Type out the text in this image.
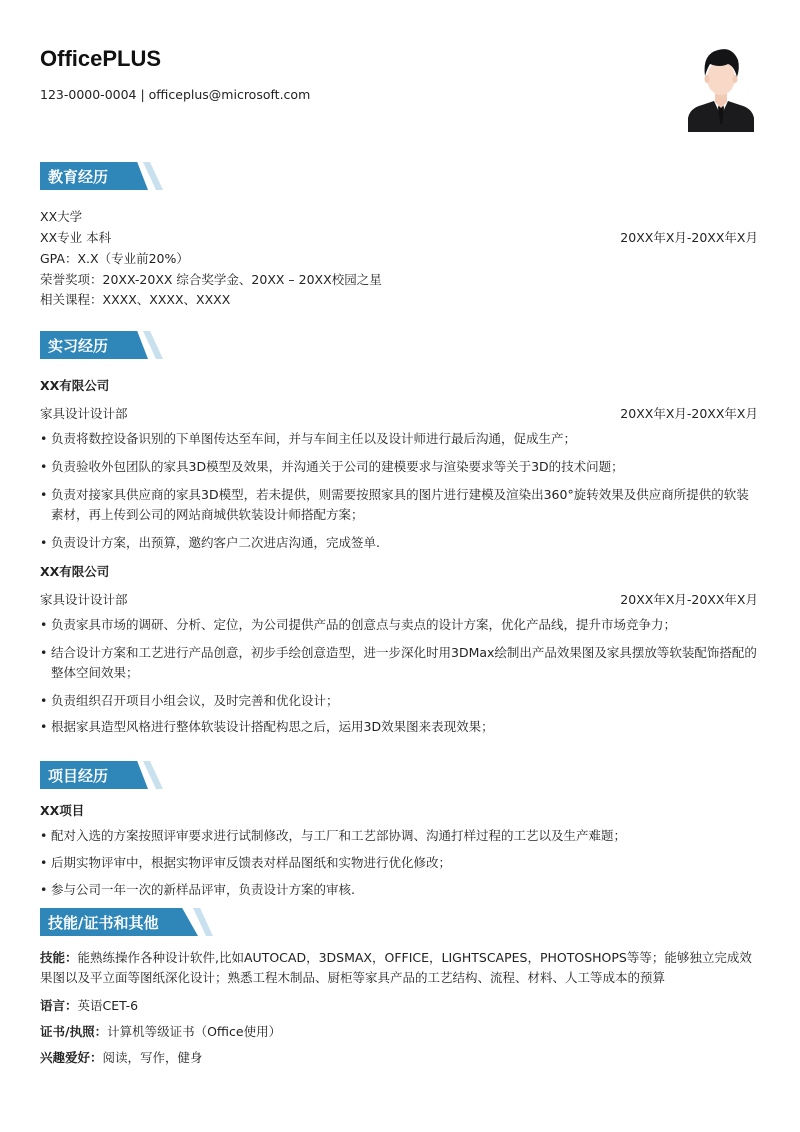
OfficePLUS
123-0000-0004 | officeplus@microsoft.com
教育经历
XX大学
XX专业 本科	20XX年X月-20XX年X月
GPA：X.X（专业前20%）
荣誉奖项：20XX-20XX 综合奖学金、20XX – 20XX校园之星
相关课程：XXXX、XXXX、XXXX
实习经历
XX有限公司
家具设计设计部	20XX年X月-20XX年X月
• 负责将数控设备识别的下单图传达至车间，并与车间主任以及设计师进行最后沟通，促成生产；
• 负责验收外包团队的家具3D模型及效果，并沟通关于公司的建模要求与渲染要求等关于3D的技术问题；
• 负责对接家具供应商的家具3D模型，若未提供，则需要按照家具的图片进行建模及渲染出360°旋转效果及供应商所提供的软装素材，再上传到公司的网站商城供软装设计师搭配方案；
• 负责设计方案，出预算，邀约客户二次进店沟通，完成签单.
XX有限公司
家具设计设计部	20XX年X月-20XX年X月
• 负责家具市场的调研、分析、定位，为公司提供产品的创意点与卖点的设计方案，优化产品线，提升市场竞争力；
• 结合设计方案和工艺进行产品创意，初步手绘创意造型，进一步深化时用3DMax绘制出产品效果图及家具摆放等软装配饰搭配的整体空间效果；
• 负责组织召开项目小组会议，及时完善和优化设计；
• 根据家具造型风格进行整体软装设计搭配构思之后，运用3D效果图来表现效果；
项目经历
XX项目
• 配对入选的方案按照评审要求进行试制修改，与工厂和工艺部协调、沟通打样过程的工艺以及生产难题；
• 后期实物评审中，根据实物评审反馈表对样品图纸和实物进行优化修改；
• 参与公司一年一次的新样品评审，负责设计方案的审核.
技能/证书和其他
技能：能熟练操作各种设计软件,比如AUTOCAD，3DSMAX，OFFICE，LIGHTSCAPES，PHOTOSHOPS等等；能够独立完成效果图以及平立面等图纸深化设计；熟悉工程木制品、厨柜等家具产品的工艺结构、流程、材料、人工等成本的预算
语言：英语CET-6
证书/执照：计算机等级证书（Office使用）
兴趣爱好：阅读，写作，健身
